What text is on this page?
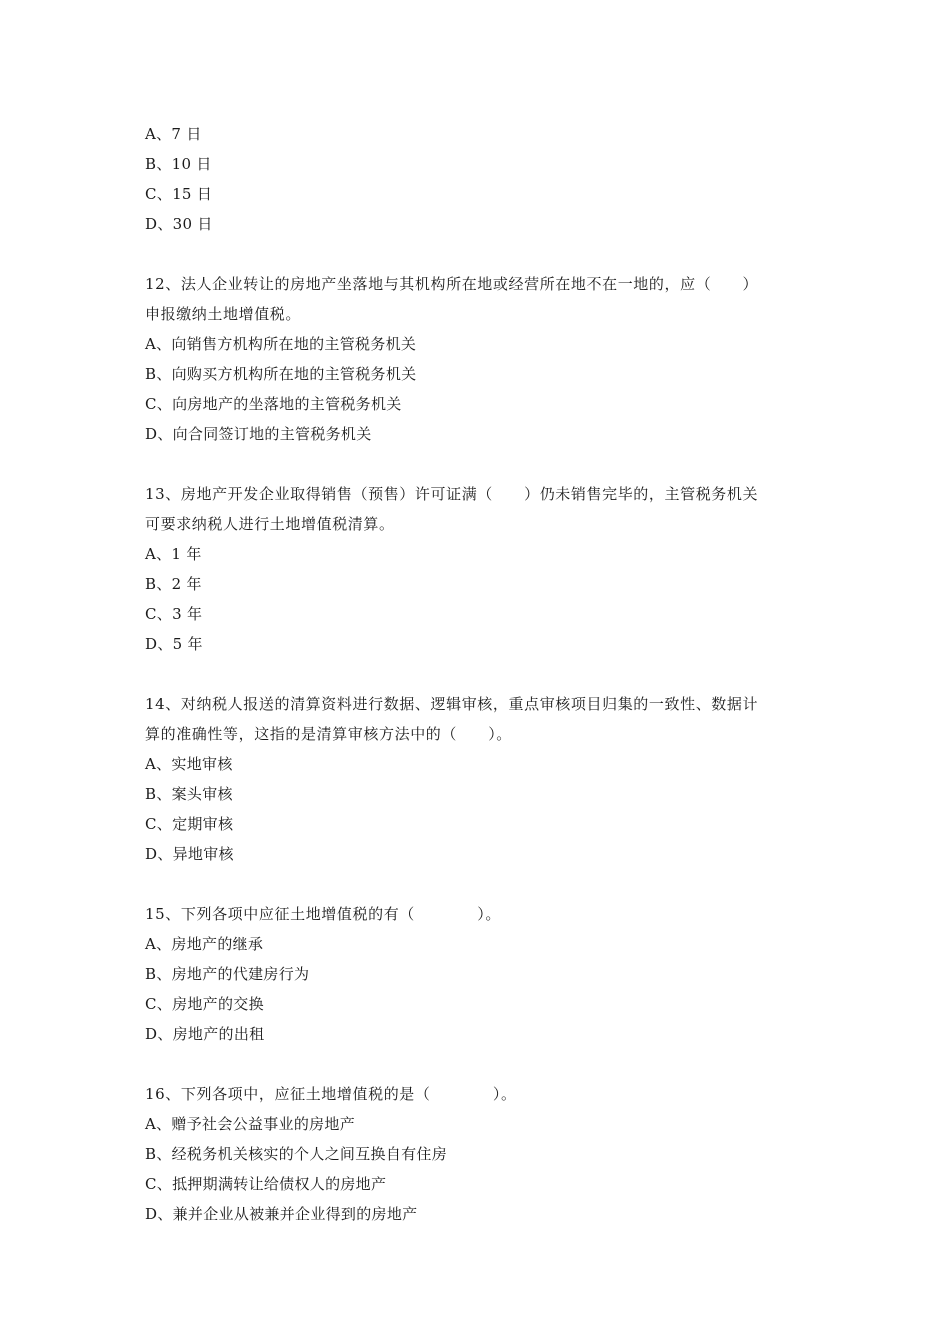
A、7 日
B、10 日
C、15 日
D、30 日
12、法人企业转让的房地产坐落地与其机构所在地或经营所在地不在一地的，应（　　）
申报缴纳土地增值税。
A、向销售方机构所在地的主管税务机关
B、向购买方机构所在地的主管税务机关
C、向房地产的坐落地的主管税务机关
D、向合同签订地的主管税务机关
13、房地产开发企业取得销售（预售）许可证满（　　）仍未销售完毕的，主管税务机关
可要求纳税人进行土地增值税清算。
A、1 年
B、2 年
C、3 年
D、5 年
14、对纳税人报送的清算资料进行数据、逻辑审核，重点审核项目归集的一致性、数据计
算的准确性等，这指的是清算审核方法中的（　　）。
A、实地审核
B、案头审核
C、定期审核
D、异地审核
15、下列各项中应征土地增值税的有（　　　　）。
A、房地产的继承
B、房地产的代建房行为
C、房地产的交换
D、房地产的出租
16、下列各项中，应征土地增值税的是（　　　　）。
A、赠予社会公益事业的房地产
B、经税务机关核实的个人之间互换自有住房
C、抵押期满转让给债权人的房地产
D、兼并企业从被兼并企业得到的房地产
